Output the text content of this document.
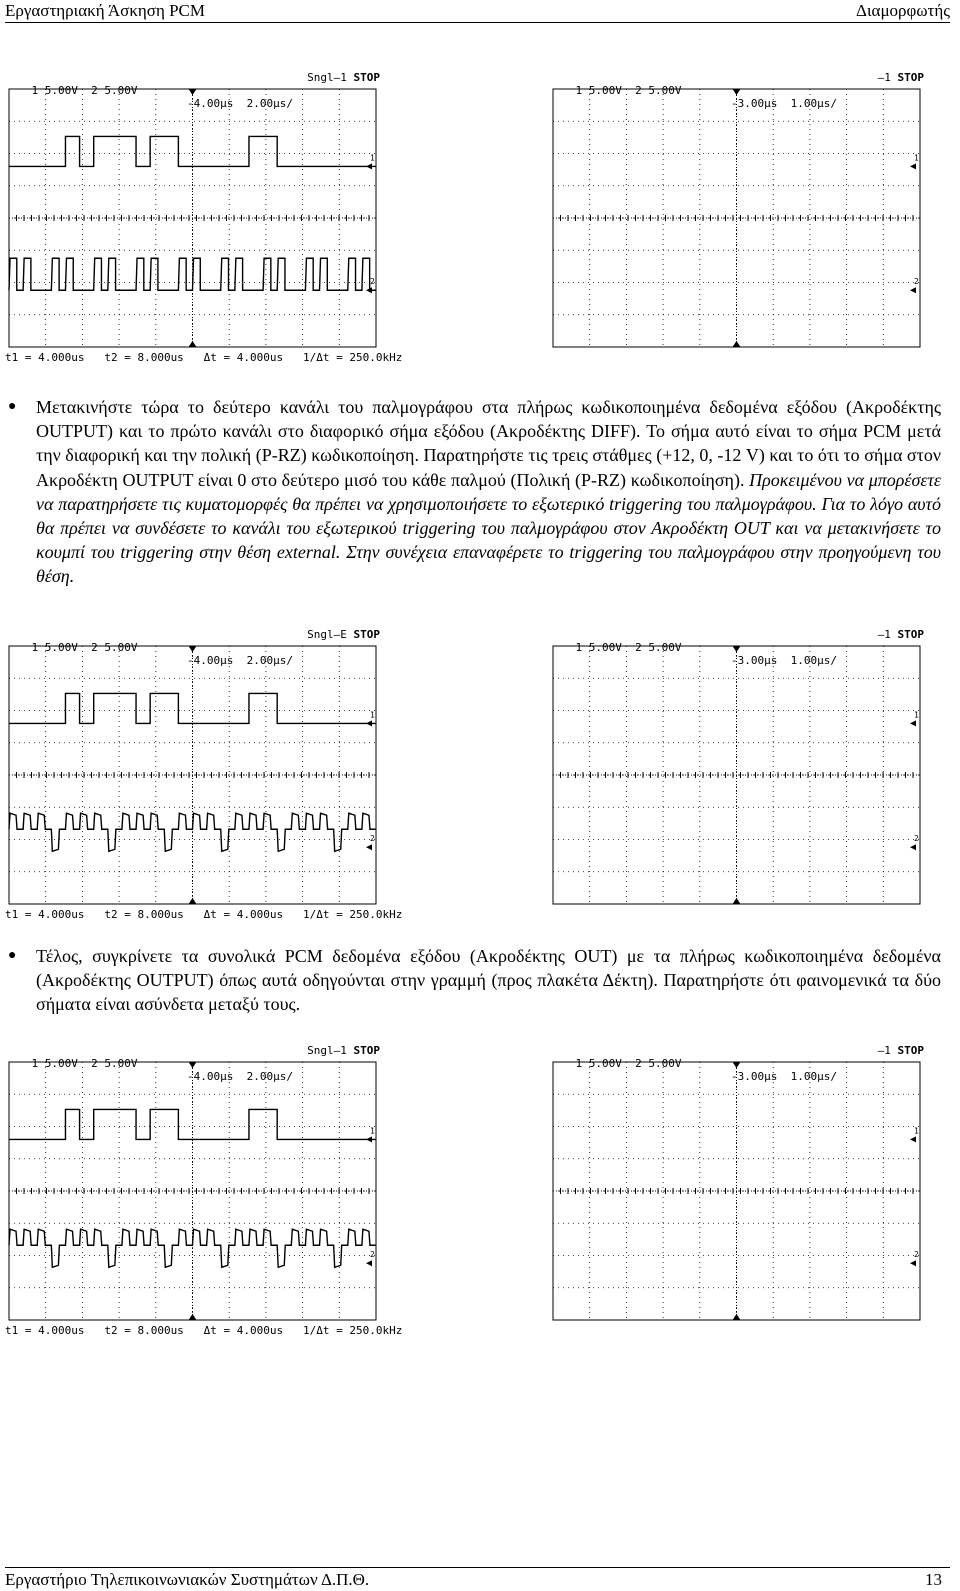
Εργαστηριακή Άσκηση PCM	Διαμορφωτής

1 5.00V  2 5.00V

-4.00µs  2.00µs/

Sngl–1 STOP

1
2
t1 = 4.000us   t2 = 8.000us   Δt = 4.000us   1/Δt = 250.0kHz

1 5.00V  2 5.00V

-3.00µs  1.00µs/

–1 STOP

1
2
● Μετακινήστε τώρα το δεύτερο κανάλι του παλμογράφου στα πλήρως κωδικοποιημένα δεδομένα εξόδου (Ακροδέκτης OUTPUT) και το πρώτο κανάλι στο διαφορικό σήμα εξόδου (Ακροδέκτης DIFF). Το σήμα αυτό είναι το σήμα PCM μετά την διαφορική και την πολική (P-RZ) κωδικοποίηση. Παρατηρήστε τις τρεις στάθμες (+12, 0, -12 V) και το ότι το σήμα στον Ακροδέκτη OUTPUT είναι 0 στο δεύτερο μισό του κάθε παλμού (Πολική (P-RZ) κωδικοποίηση). Προκειμένου να μπορέσετε να παρατηρήσετε τις κυματομορφές θα πρέπει να χρησιμοποιήσετε το εξωτερικό triggering του παλμογράφου. Για το λόγο αυτό θα πρέπει να συνδέσετε το κανάλι του εξωτερικού triggering του παλμογράφου στον Ακροδέκτη OUT και να μετακινήσετε το κουμπί του triggering στην θέση external. Στην συνέχεια επαναφέρετε το triggering του παλμογράφου στην προηγούμενη του θέση.

1 5.00V  2 5.00V

-4.00µs  2.00µs/

Sngl–E STOP

1
2
t1 = 4.000us   t2 = 8.000us   Δt = 4.000us   1/Δt = 250.0kHz

1 5.00V  2 5.00V

-3.00µs  1.00µs/

–1 STOP

1
2
● Τέλος, συγκρίνετε τα συνολικά PCM δεδομένα εξόδου (Ακροδέκτης OUT) με τα πλήρως κωδικοποιημένα δεδομένα (Ακροδέκτης OUTPUT) όπως αυτά οδηγούνται στην γραμμή (προς πλακέτα Δέκτη). Παρατηρήστε ότι φαινομενικά τα δύο σήματα είναι ασύνδετα μεταξύ τους.

1 5.00V  2 5.00V

-4.00µs  2.00µs/

Sngl–1 STOP

1
2
t1 = 4.000us   t2 = 8.000us   Δt = 4.000us   1/Δt = 250.0kHz

1 5.00V  2 5.00V

-3.00µs  1.00µs/

–1 STOP

1
2
Εργαστήριο Τηλεπικοινωνιακών Συστημάτων Δ.Π.Θ.	13
